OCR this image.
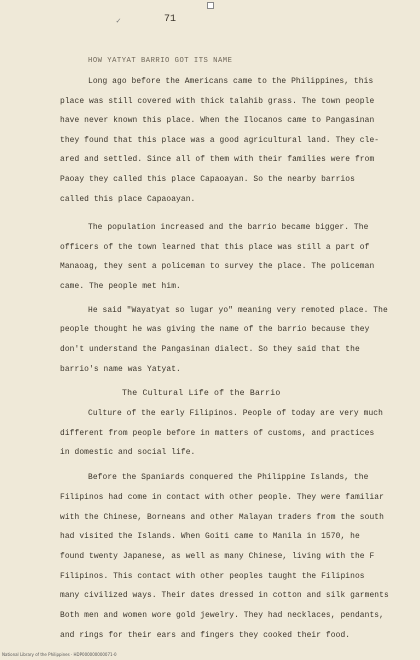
✓	71
HOW YATYAT BARRIO GOT ITS NAME
Long ago before the Americans came to the Philippines, this
place was still covered with thick talahib grass. The town people
have never known this place. When the Ilocanos came to Pangasinan
they found that this place was a good agricultural land. They cle-
ared and settled. Since all of them with their families were from
Paoay they called this place Capaoayan. So the nearby barrios
called this place Capaoayan.
The population increased and the barrio became bigger. The
officers of the town learned that this place was still a part of
Manaoag, they sent a policeman to survey the place. The policeman
came. The people met him.
He said "Wayatyat so lugar yo" meaning very remoted place. The
people thought he was giving the name of the barrio because they
don't understand the Pangasinan dialect. So they said that the
barrio's name was Yatyat.
The Cultural Life of the Barrio
Culture of the early Filipinos. People of today are very much
different from people before in matters of customs, and practices
in domestic and social life.
Before the Spaniards conquered the Philippine Islands, the
Filipinos had come in contact with other people. They were familiar
with the Chinese, Borneans and other Malayan traders from the south
had visited the Islands. When Goiti came to Manila in 1570, he
found twenty Japanese, as well as many Chinese, living with the F
Filipinos. This contact with other peoples taught the Filipinos
many civilized ways. Their dates dressed in cotton and silk garments
Both men and women wore gold jewelry. They had necklaces, pendants,
and rings for their ears and fingers they cooked their food.
National Library of the Philippines · HDP000000000071-0
